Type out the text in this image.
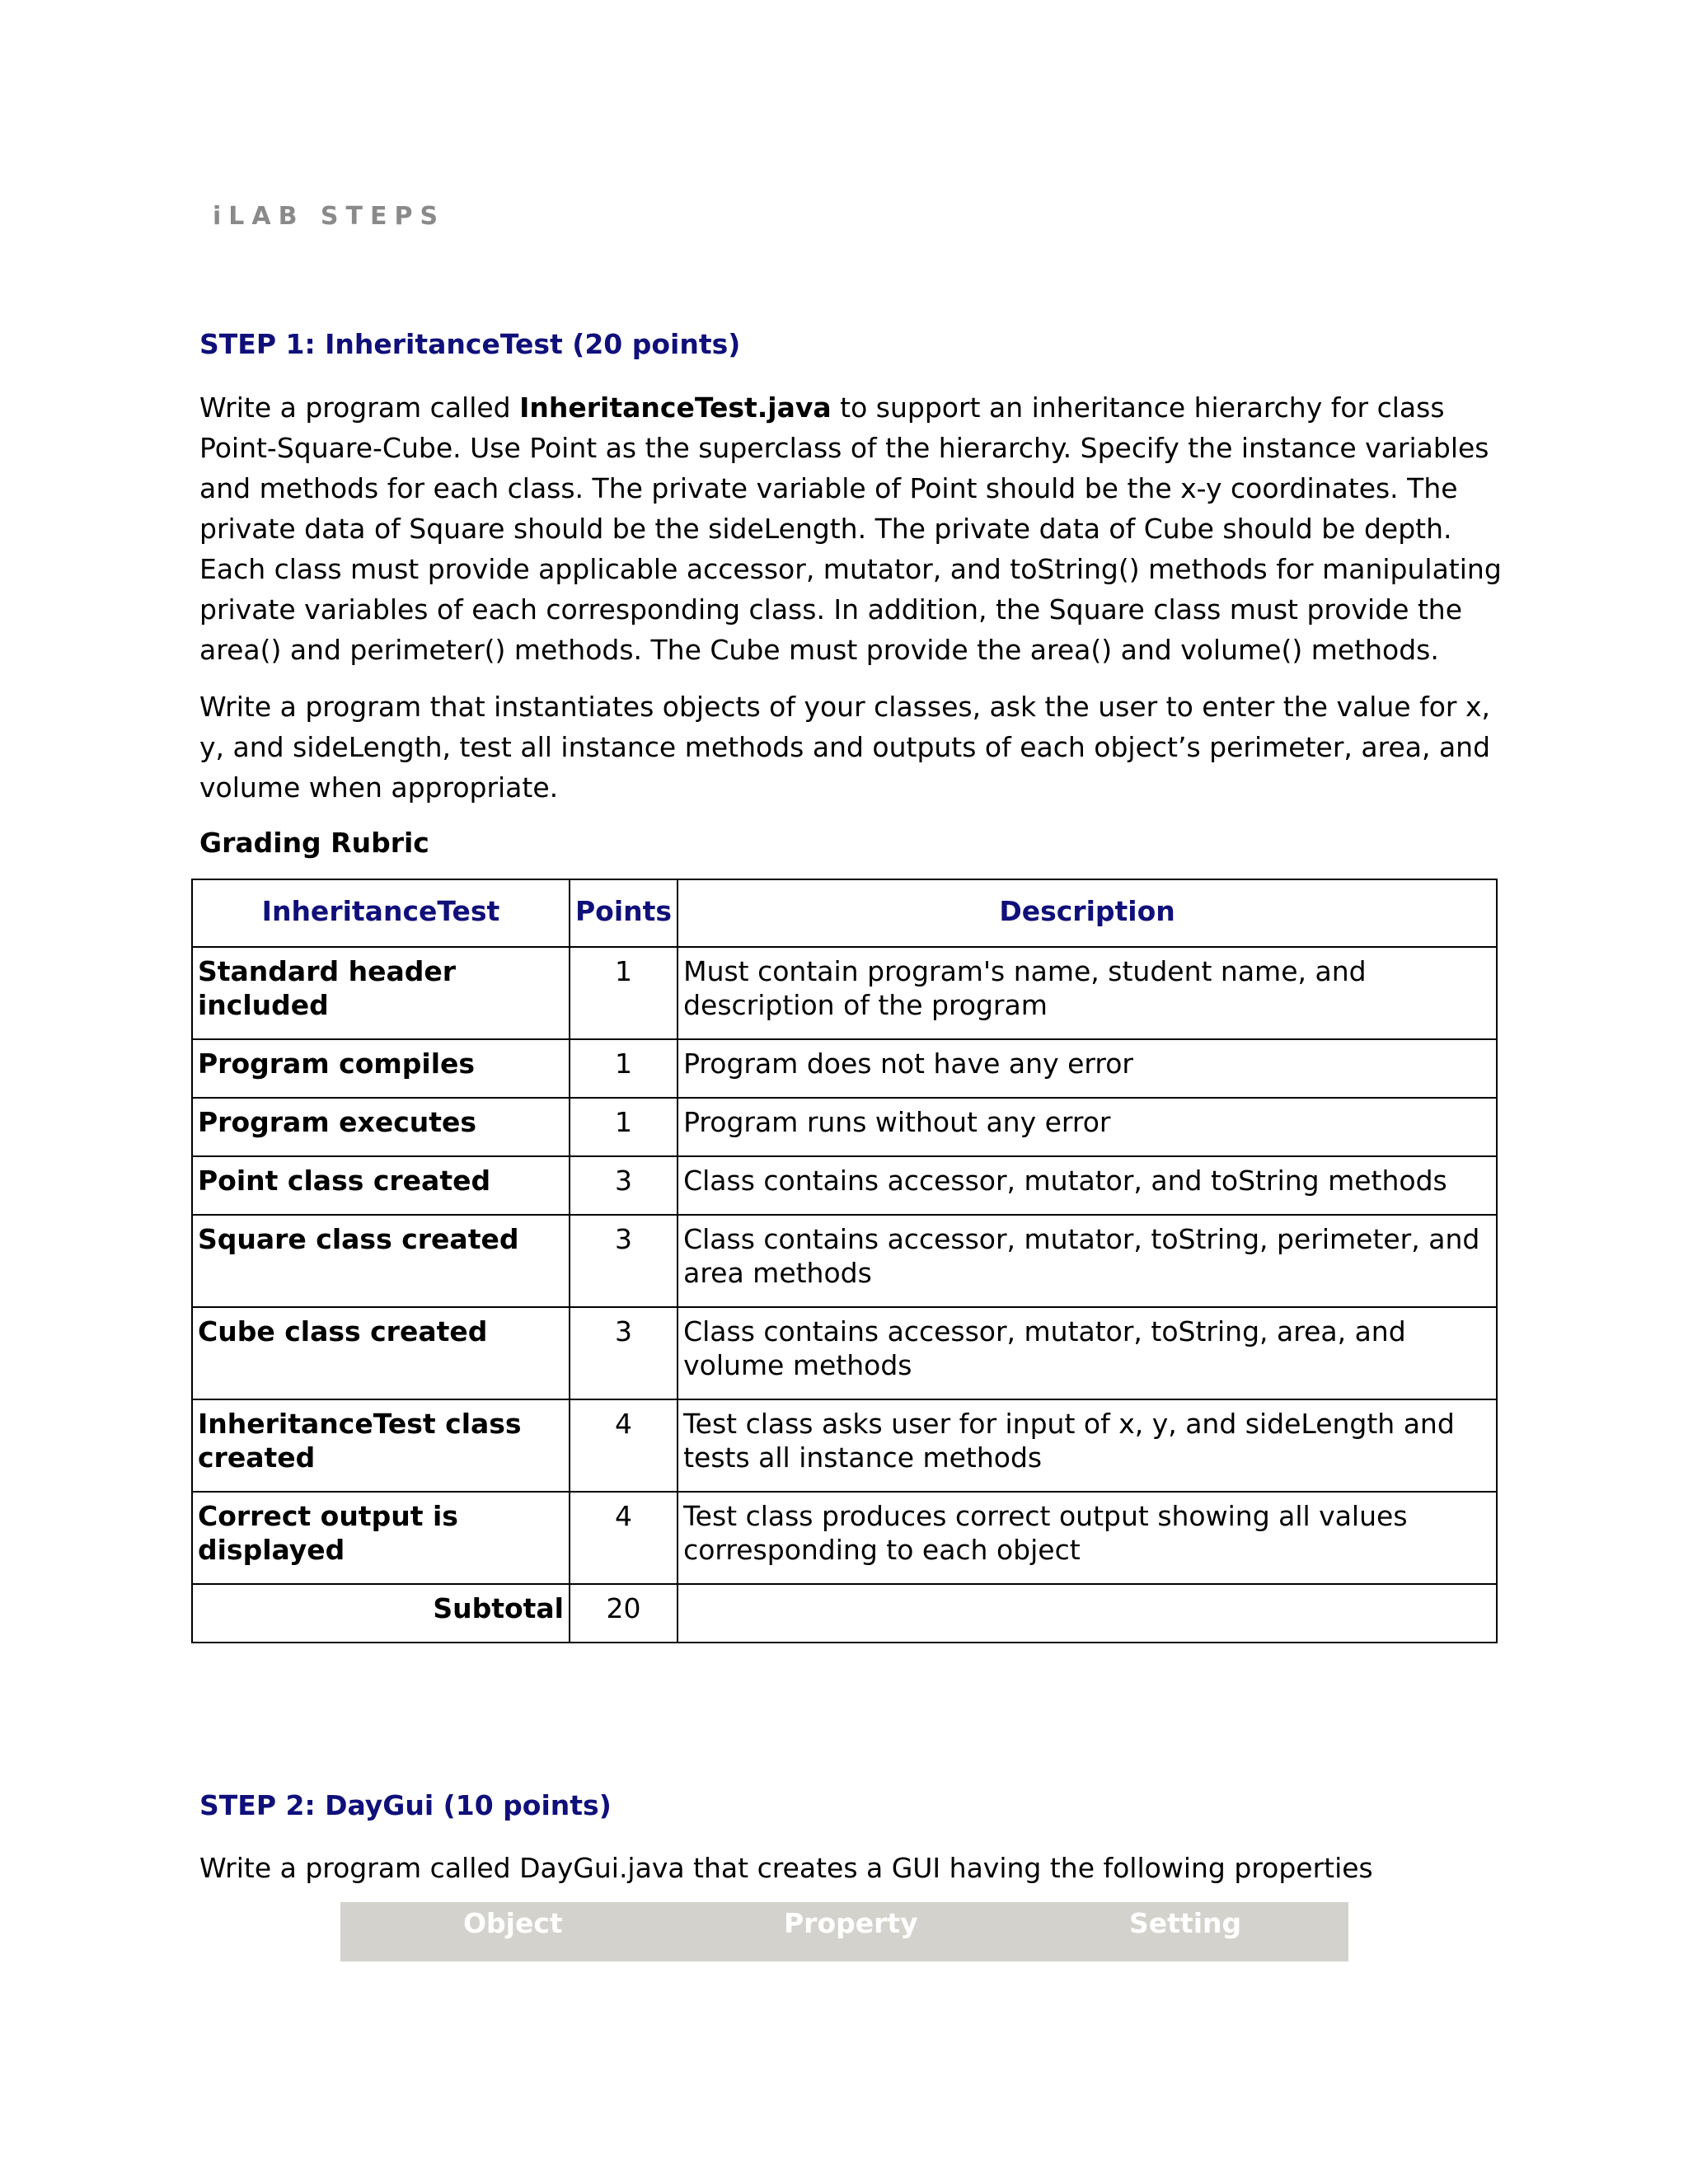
iLAB STEPS
STEP 1: InheritanceTest (20 points)

Write a program called InheritanceTest.java to support an inheritance hierarchy for class Point-Square-Cube. Use Point as the superclass of the hierarchy. Specify the instance variables and methods for each class. The private variable of Point should be the x-y coordinates. The private data of Square should be the sideLength. The private data of Cube should be depth. Each class must provide applicable accessor, mutator, and toString() methods for manipulating private variables of each corresponding class. In addition, the Square class must provide the area() and perimeter() methods. The Cube must provide the area() and volume() methods.

Write a program that instantiates objects of your classes, ask the user to enter the value for x, y, and sideLength, test all instance methods and outputs of each object’s perimeter, area, and volume when appropriate.

Grading Rubric
InheritanceTest	Points	Description
Standard header included	1	Must contain program's name, student name, and description of the program
Program compiles	1	Program does not have any error
Program executes	1	Program runs without any error
Point class created	3	Class contains accessor, mutator, and toString methods
Square class created	3	Class contains accessor, mutator, toString, perimeter, and area methods
Cube class created	3	Class contains accessor, mutator, toString, area, and volume methods
InheritanceTest class created	4	Test class asks user for input of x, y, and sideLength and tests all instance methods
Correct output is displayed	4	Test class produces correct output showing all values corresponding to each object
Subtotal	20	
STEP 2: DayGui (10 points)

Write a program called DayGui.java that creates a GUI having the following properties

Object	Property	Setting
